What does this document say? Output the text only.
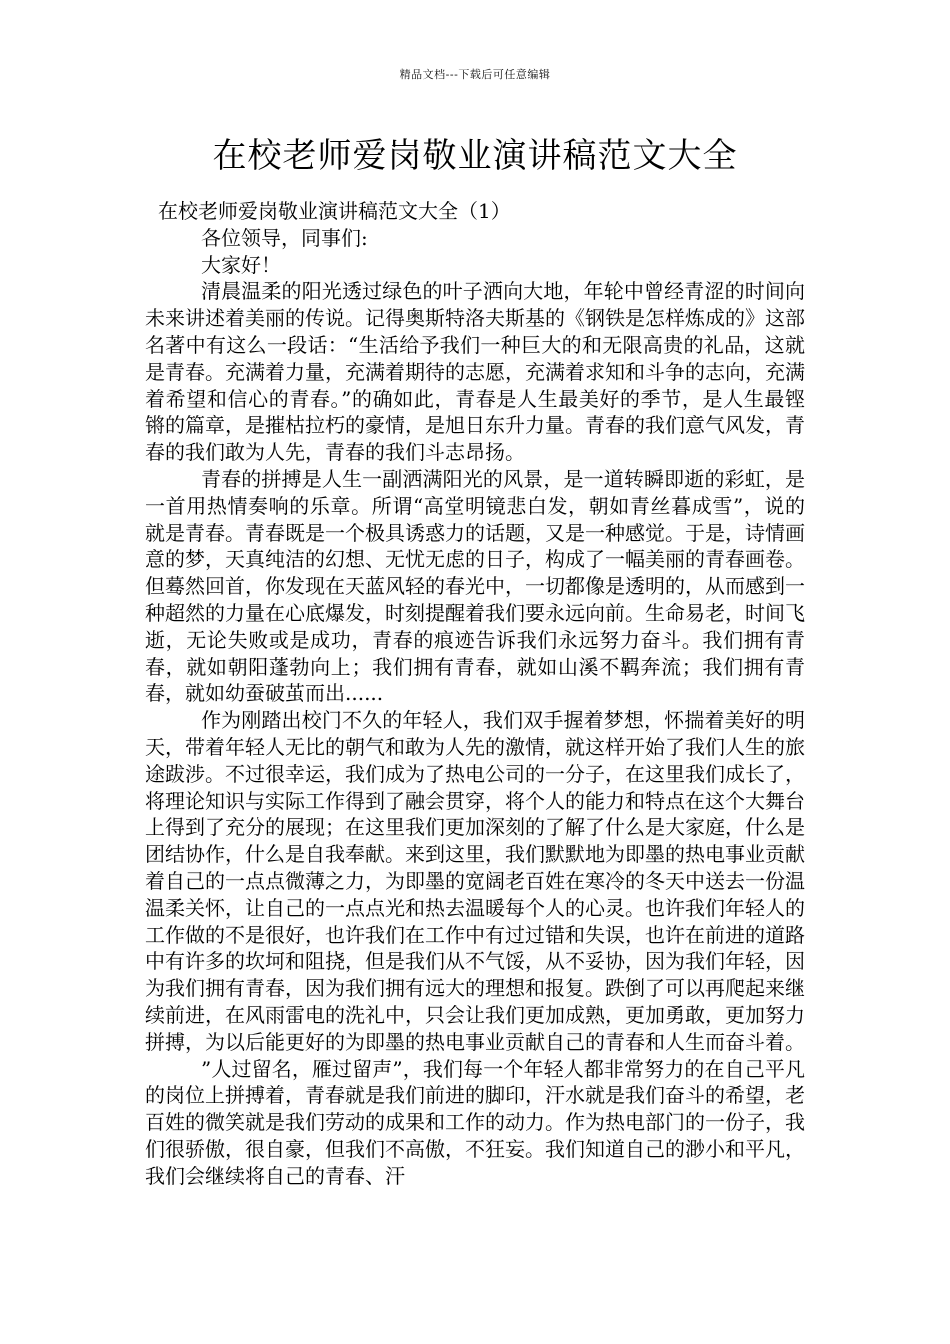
精品文档---下载后可任意编辑
在校老师爱岗敬业演讲稿范文大全

在校老师爱岗敬业演讲稿范文大全（1）

各位领导，同事们:

大家好！

清晨温柔的阳光透过绿色的叶子洒向大地，年轮中曾经青涩的时间向未来讲述着美丽的传说。记得奥斯特洛夫斯基的《钢铁是怎样炼成的》这部名著中有这么一段话：“生活给予我们一种巨大的和无限高贵的礼品，这就是青春。充满着力量，充满着期待的志愿，充满着求知和斗争的志向，充满着希望和信心的青春。”的确如此，青春是人生最美好的季节，是人生最铿锵的篇章，是摧枯拉朽的豪情，是旭日东升力量。青春的我们意气风发，青春的我们敢为人先，青春的我们斗志昂扬。

青春的拼搏是人生一副洒满阳光的风景，是一道转瞬即逝的彩虹，是一首用热情奏响的乐章。所谓“高堂明镜悲白发，朝如青丝暮成雪”，说的就是青春。青春既是一个极具诱惑力的话题，又是一种感觉。于是，诗情画意的梦，天真纯洁的幻想、无忧无虑的日子，构成了一幅美丽的青春画卷。但蓦然回首，你发现在天蓝风轻的春光中，一切都像是透明的，从而感到一种超然的力量在心底爆发，时刻提醒着我们要永远向前。生命易老，时间飞逝，无论失败或是成功，青春的痕迹告诉我们永远努力奋斗。我们拥有青春，就如朝阳蓬勃向上；我们拥有青春，就如山溪不羁奔流；我们拥有青春，就如幼蚕破茧而出......

作为刚踏出校门不久的年轻人，我们双手握着梦想，怀揣着美好的明天，带着年轻人无比的朝气和敢为人先的激情，就这样开始了我们人生的旅途跋涉。不过很幸运，我们成为了热电公司的一分子，在这里我们成长了，将理论知识与实际工作得到了融会贯穿，将个人的能力和特点在这个大舞台上得到了充分的展现；在这里我们更加深刻的了解了什么是大家庭，什么是团结协作，什么是自我奉献。来到这里，我们默默地为即墨的热电事业贡献着自己的一点点微薄之力，为即墨的宽阔老百姓在寒冷的冬天中送去一份温温柔关怀，让自己的一点点光和热去温暖每个人的心灵。也许我们年轻人的工作做的不是很好，也许我们在工作中有过过错和失误，也许在前进的道路中有许多的坎坷和阻挠，但是我们从不气馁，从不妥协，因为我们年轻，因为我们拥有青春，因为我们拥有远大的理想和报复。跌倒了可以再爬起来继续前进，在风雨雷电的洗礼中，只会让我们更加成熟，更加勇敢，更加努力拼搏，为以后能更好的为即墨的热电事业贡献自己的青春和人生而奋斗着。

”人过留名，雁过留声”，我们每一个年轻人都非常努力的在自己平凡的岗位上拼搏着，青春就是我们前进的脚印，汗水就是我们奋斗的希望，老百姓的微笑就是我们劳动的成果和工作的动力。作为热电部门的一份子，我们很骄傲，很自豪，但我们不高傲，不狂妄。我们知道自己的渺小和平凡，我们会继续将自己的青春、汗
